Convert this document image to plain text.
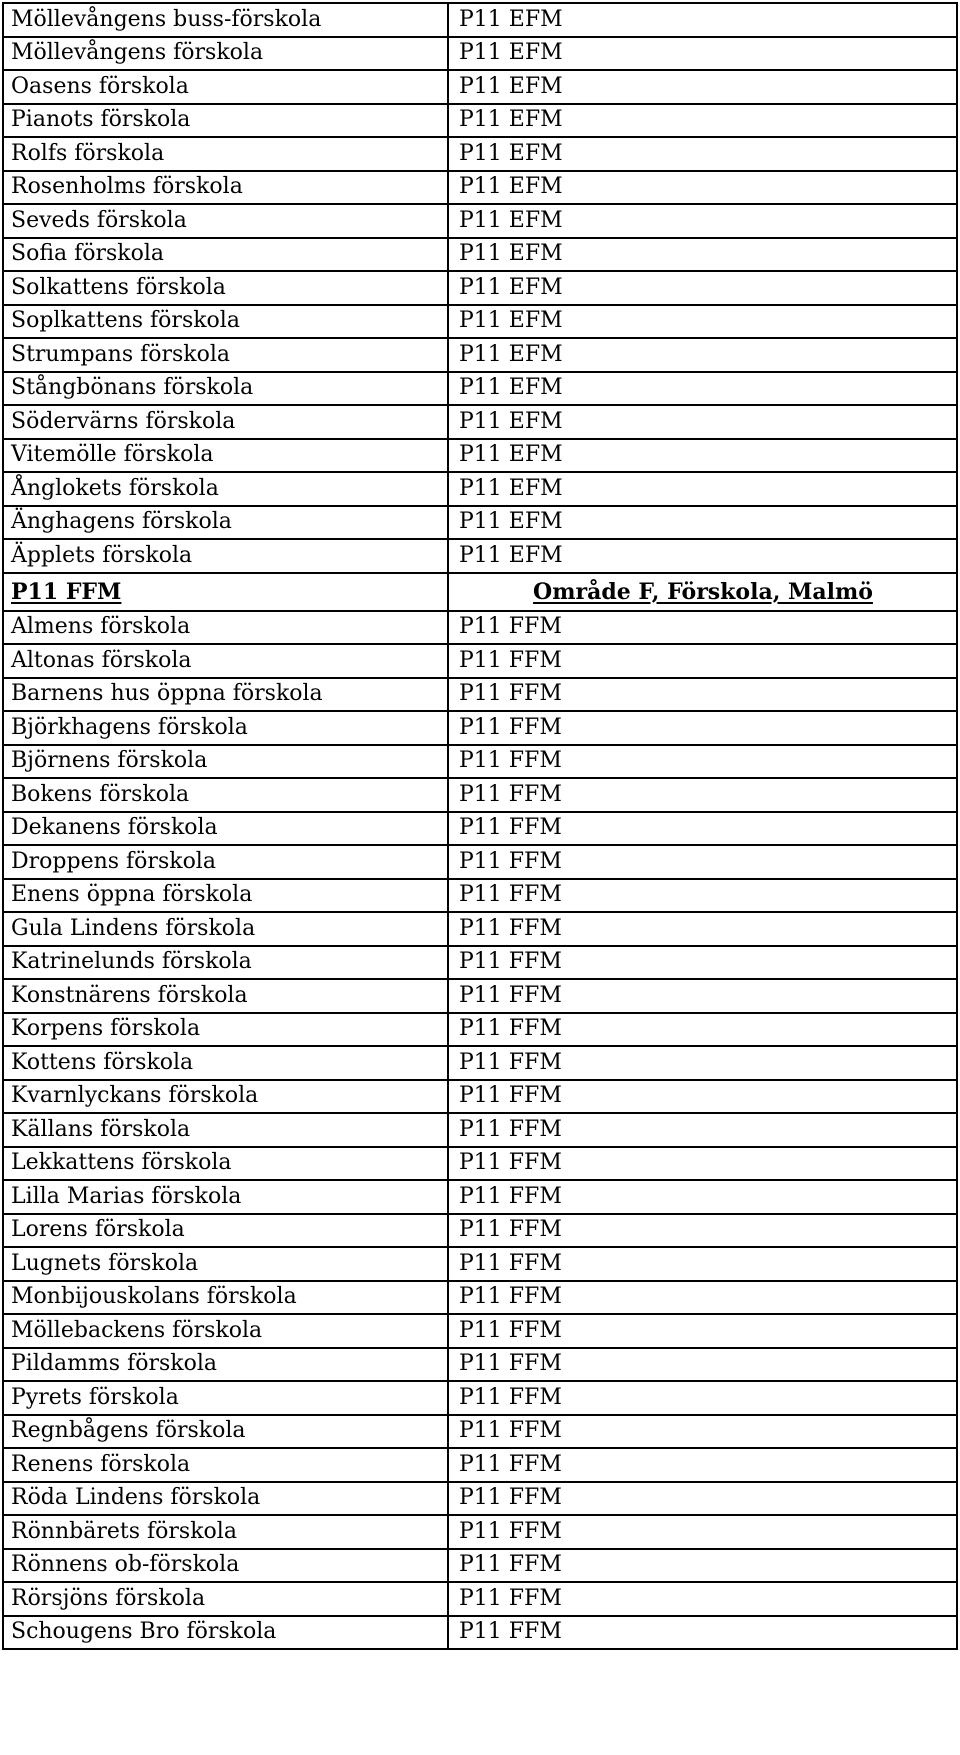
Möllevångens buss-förskola	P11 EFM
Möllevångens förskola	P11 EFM
Oasens förskola	P11 EFM
Pianots förskola	P11 EFM
Rolfs förskola	P11 EFM
Rosenholms förskola	P11 EFM
Seveds förskola	P11 EFM
Sofia förskola	P11 EFM
Solkattens förskola	P11 EFM
Soplkattens förskola	P11 EFM
Strumpans förskola	P11 EFM
Stångbönans förskola	P11 EFM
Södervärns förskola	P11 EFM
Vitemölle förskola	P11 EFM
Ånglokets förskola	P11 EFM
Änghagens förskola	P11 EFM
Äpplets förskola	P11 EFM
P11 FFM	Område F, Förskola, Malmö
Almens förskola	P11 FFM
Altonas förskola	P11 FFM
Barnens hus öppna förskola	P11 FFM
Björkhagens förskola	P11 FFM
Björnens förskola	P11 FFM
Bokens förskola	P11 FFM
Dekanens förskola	P11 FFM
Droppens förskola	P11 FFM
Enens öppna förskola	P11 FFM
Gula Lindens förskola	P11 FFM
Katrinelunds förskola	P11 FFM
Konstnärens förskola	P11 FFM
Korpens förskola	P11 FFM
Kottens förskola	P11 FFM
Kvarnlyckans förskola	P11 FFM
Källans förskola	P11 FFM
Lekkattens förskola	P11 FFM
Lilla Marias förskola	P11 FFM
Lorens förskola	P11 FFM
Lugnets förskola	P11 FFM
Monbijouskolans förskola	P11 FFM
Möllebackens förskola	P11 FFM
Pildamms förskola	P11 FFM
Pyrets förskola	P11 FFM
Regnbågens förskola	P11 FFM
Renens förskola	P11 FFM
Röda Lindens förskola	P11 FFM
Rönnbärets förskola	P11 FFM
Rönnens ob-förskola	P11 FFM
Rörsjöns förskola	P11 FFM
Schougens Bro förskola	P11 FFM
